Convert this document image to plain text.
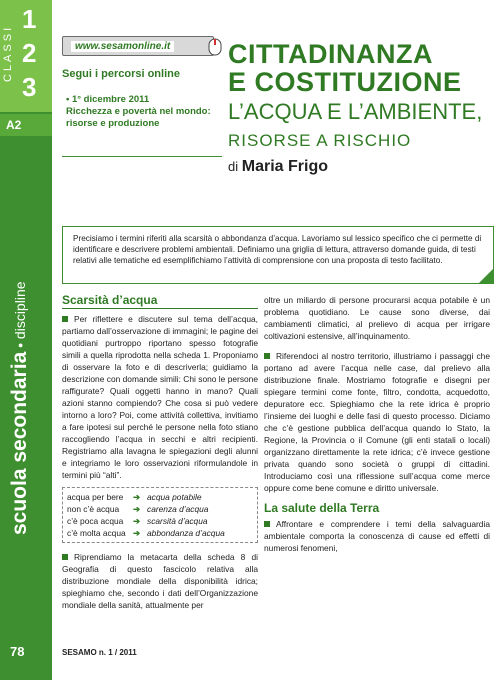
CLASSI
1
2
3
A2
scuola secondaria • discipline
78
www.sesamonline.it
Segui i percorsi online
• 1° dicembre 2011
Ricchezza e povertà nel mondo: risorse e produzione
CITTADINANZA
E COSTITUZIONE
L’ACQUA E L’AMBIENTE,
RISORSE A RISCHIO
di Maria Frigo
Precisiamo i termini riferiti alla scarsità o abbondanza d’acqua. Lavoriamo sul lessico specifico che ci permette di identificare e descrivere problemi ambientali. Definiamo una griglia di lettura, attraverso domande guida, di testi relativi alle tematiche ed esemplifichiamo l’attività di comprensione con una proposta di testo facilitato.
Scarsità d’acqua
Per riflettere e discutere sul tema dell’acqua, partiamo dall’osservazione di immagini; le pagine dei quotidiani purtroppo riportano spesso fotografie simili a quella riprodotta nella scheda 1. Proponiamo di osservare la foto e di descriverla; guidiamo la descrizione con domande simili: Chi sono le persone raffigurate? Quali oggetti hanno in mano? Quali azioni stanno compiendo? Che cosa si può vedere intorno a loro? Poi, come attività collettiva, invitiamo a fare ipotesi sul perché le persone nella foto stiano raccogliendo l’acqua in secchi e altri recipienti. Registriamo alla lavagna le spiegazioni degli alunni e integriamo le loro osservazioni riformulandole in termini più “alti”.
acqua per bere	➔ acqua potabile
non c’è acqua	➔ carenza d’acqua
c’è poca acqua	➔ scarsità d’acqua
c’è molta acqua ➔ abbondanza d’acqua
Riprendiamo la metacarta della scheda 8 di Geografia di questo fascicolo relativa alla distribuzione mondiale della disponibilità idrica; spieghiamo che, secondo i dati dell’Organizzazione mondiale della sanità, attualmente per
oltre un miliardo di persone procurarsi acqua potabile è un problema quotidiano. Le cause sono diverse, dai cambiamenti climatici, al prelievo di acqua per irrigare coltivazioni estensive, all’inquinamento.
Riferendoci al nostro territorio, illustriamo i passaggi che portano ad avere l’acqua nelle case, dal prelievo alla distribuzione finale. Mostriamo fotografie e disegni per spiegare termini come fonte, filtro, condotta, acquedotto, depuratore ecc. Spieghiamo che la rete idrica è proprio l’insieme dei luoghi e delle fasi di questo processo. Diciamo che c’è gestione pubblica dell’acqua quando lo Stato, la Regione, la Provincia o il Comune (gli enti statali o locali) organizzano direttamente la rete idrica; c’è invece gestione privata quando sono società o gruppi di cittadini. Introduciamo così una riflessione sull’acqua come merce oppure come bene comune e diritto universale.
La salute della Terra
Affrontare e comprendere i temi della salvaguardia ambientale comporta la conoscenza di cause ed effetti di numerosi fenomeni,
SESAMO n. 1 / 2011
